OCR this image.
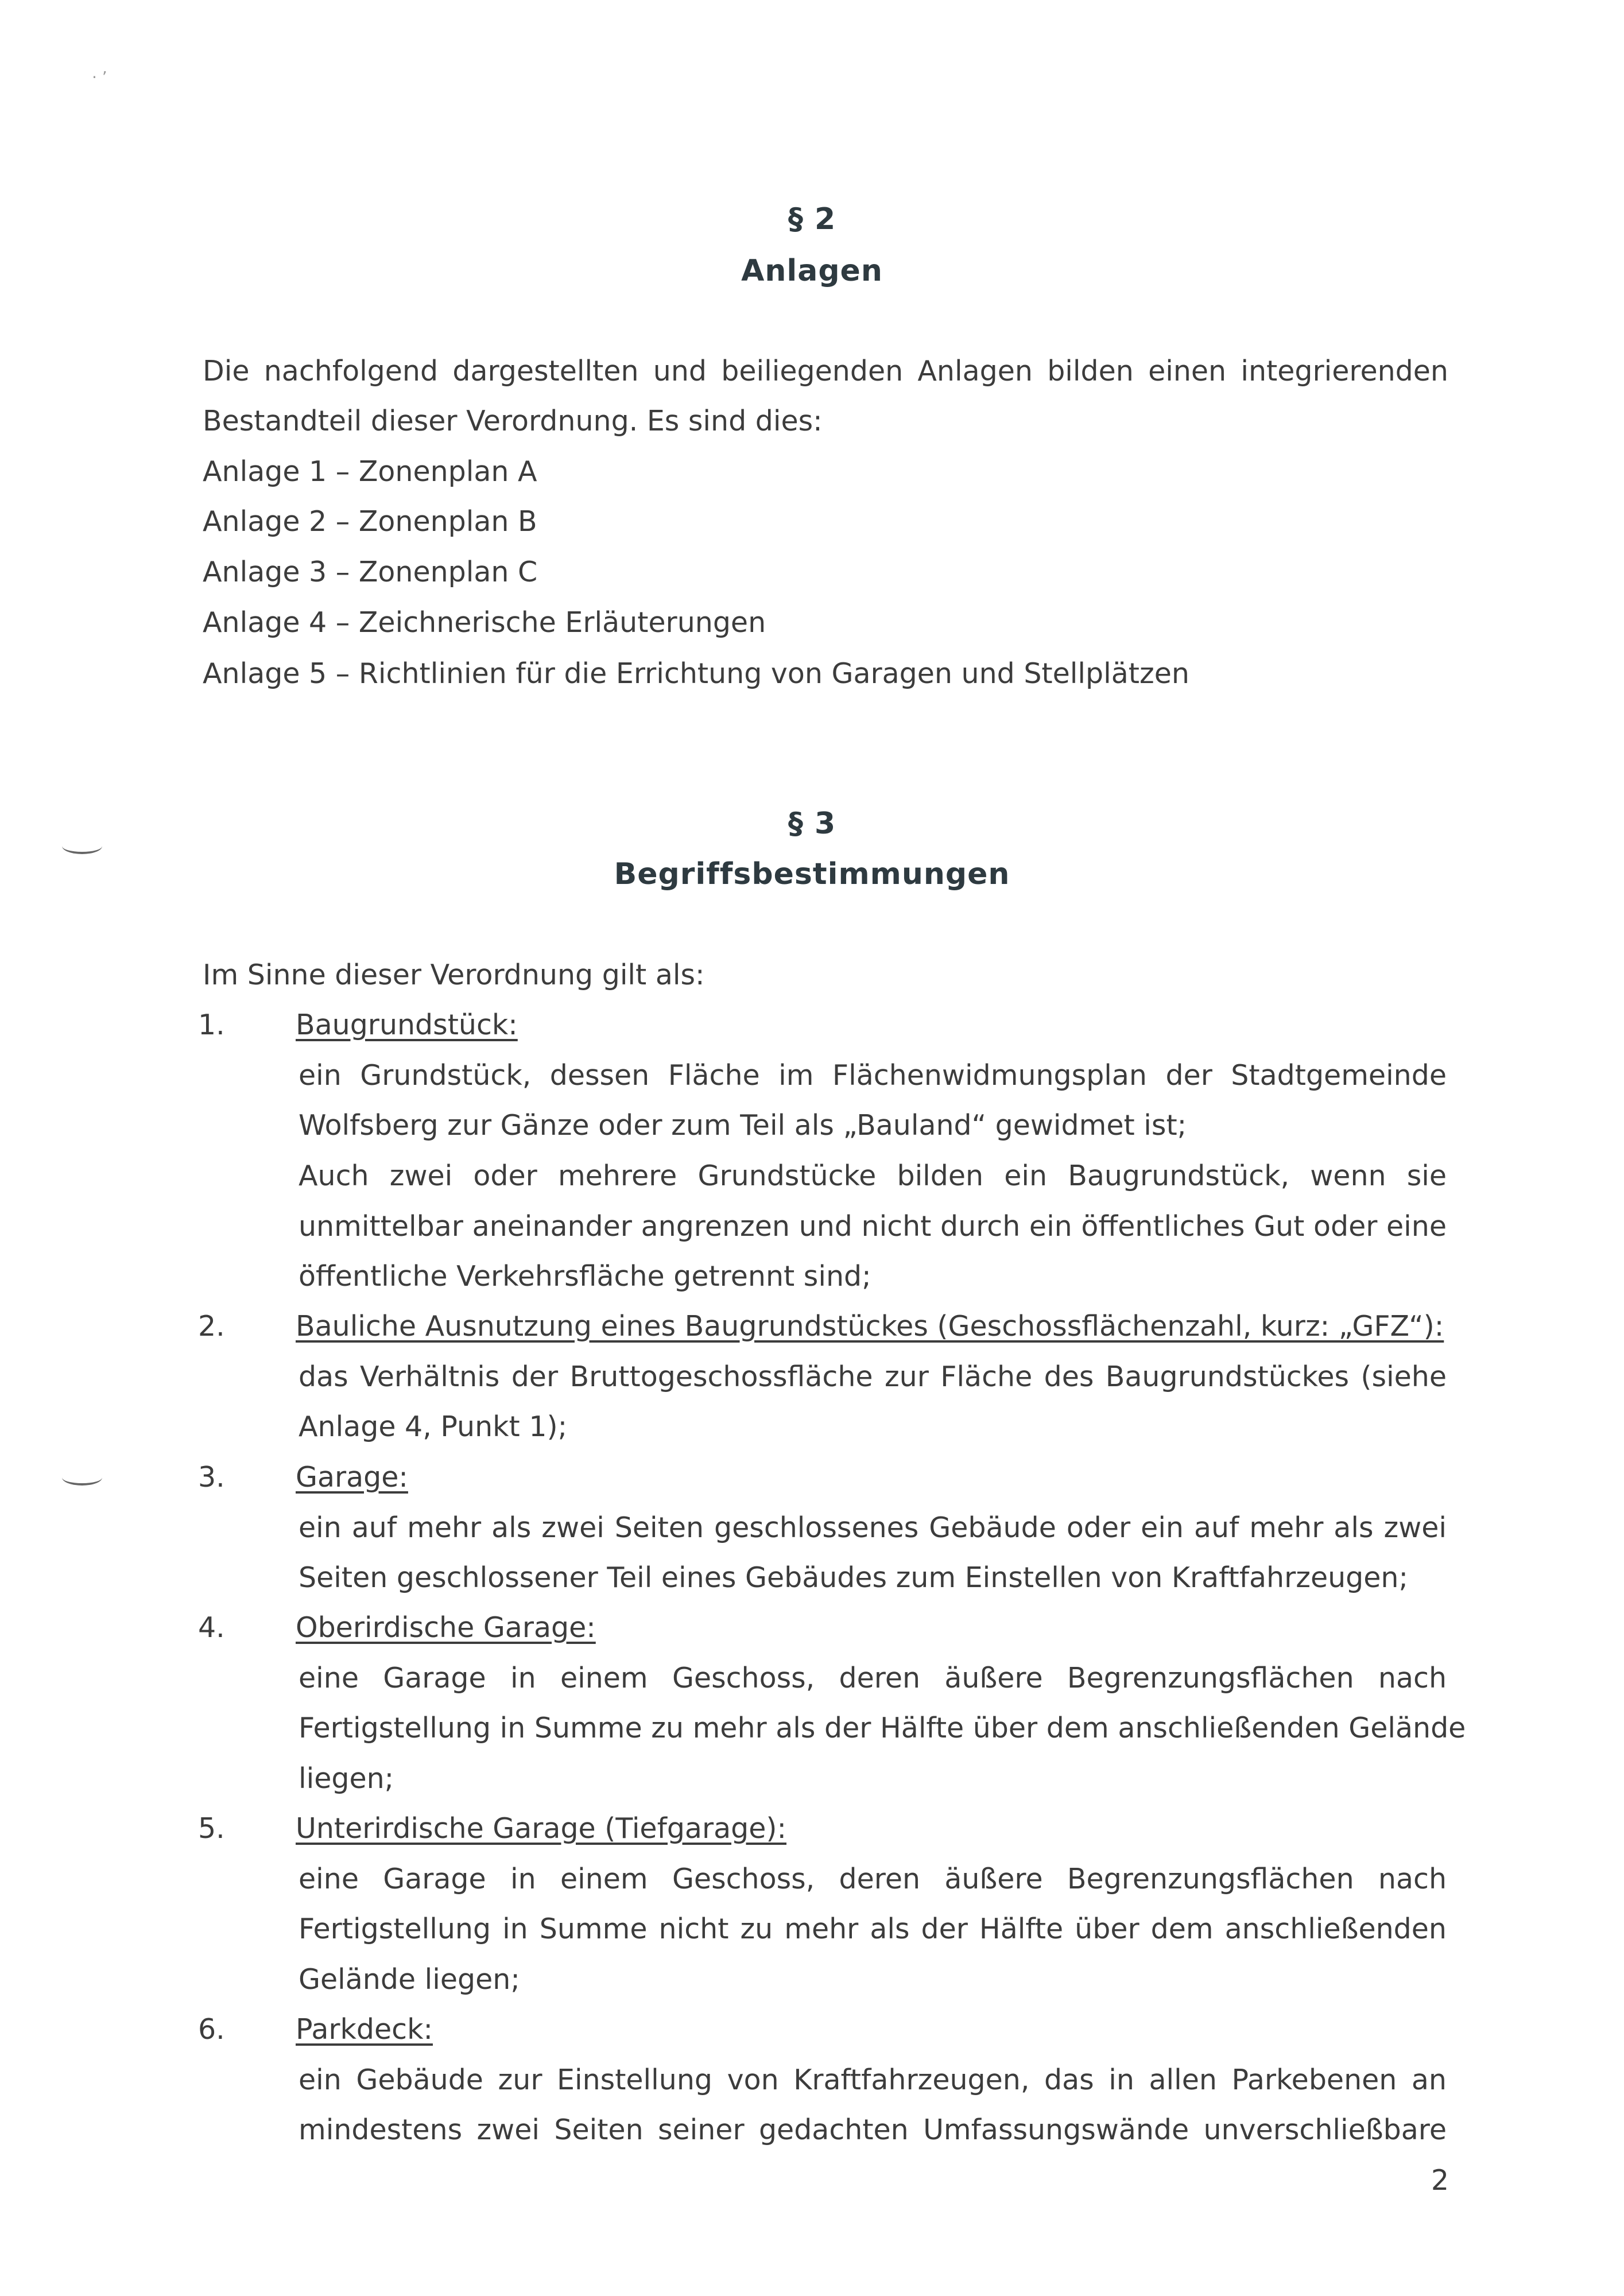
· ’
§ 2
Anlagen
Die nachfolgend dargestellten und beiliegenden Anlagen bilden einen integrierenden
Bestandteil dieser Verordnung. Es sind dies:
Anlage 1 – Zonenplan A
Anlage 2 – Zonenplan B
Anlage 3 – Zonenplan C
Anlage 4 – Zeichnerische Erläuterungen
Anlage 5 – Richtlinien für die Errichtung von Garagen und Stellplätzen
§ 3
Begriffsbestimmungen
Im Sinne dieser Verordnung gilt als:
1.	Baugrundstück:
ein Grundstück, dessen Fläche im Flächenwidmungsplan der Stadtgemeinde
Wolfsberg zur Gänze oder zum Teil als „Bauland“ gewidmet ist;
Auch zwei oder mehrere Grundstücke bilden ein Baugrundstück, wenn sie
unmittelbar aneinander angrenzen und nicht durch ein öffentliches Gut oder eine
öffentliche Verkehrsfläche getrennt sind;
2.	Bauliche Ausnutzung eines Baugrundstückes (Geschossflächenzahl, kurz: „GFZ“):
das Verhältnis der Bruttogeschossfläche zur Fläche des Baugrundstückes (siehe
Anlage 4, Punkt 1);
3.	Garage:
ein auf mehr als zwei Seiten geschlossenes Gebäude oder ein auf mehr als zwei
Seiten geschlossener Teil eines Gebäudes zum Einstellen von Kraftfahrzeugen;
4.	Oberirdische Garage:
eine Garage in einem Geschoss, deren äußere Begrenzungsflächen nach
Fertigstellung in Summe zu mehr als der Hälfte über dem anschließenden Gelände
liegen;
5.	Unterirdische Garage (Tiefgarage):
eine Garage in einem Geschoss, deren äußere Begrenzungsflächen nach
Fertigstellung in Summe nicht zu mehr als der Hälfte über dem anschließenden
Gelände liegen;
6.	Parkdeck:
ein Gebäude zur Einstellung von Kraftfahrzeugen, das in allen Parkebenen an
mindestens zwei Seiten seiner gedachten Umfassungswände unverschließbare
2
